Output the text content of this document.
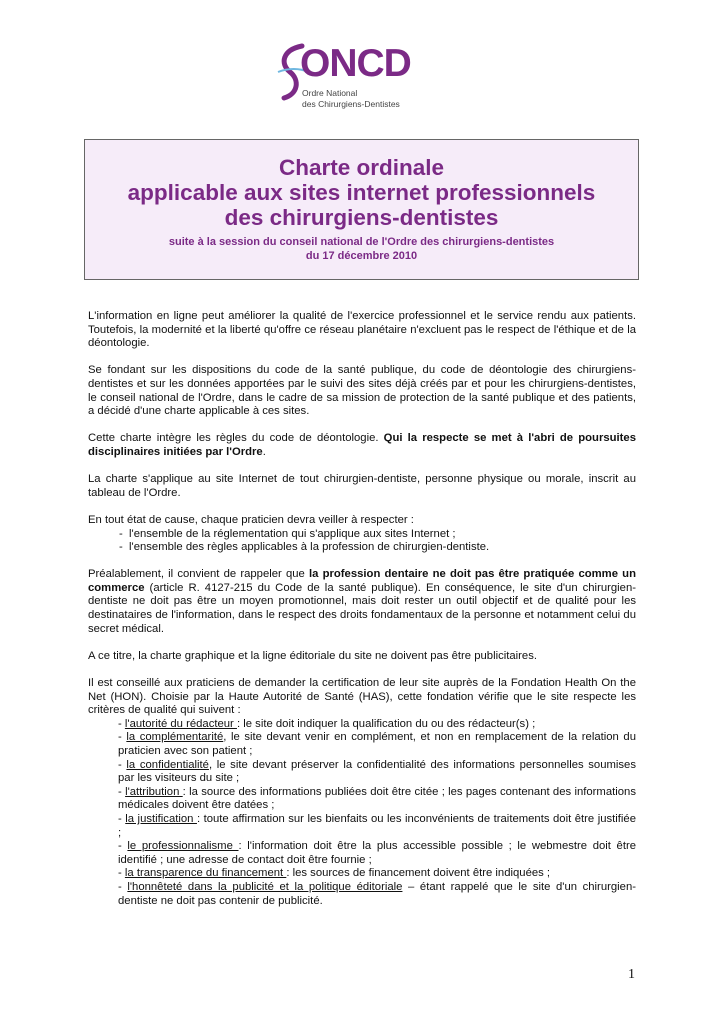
ONCD
Ordre National
des Chirurgiens-Dentistes
Charte ordinale
applicable aux sites internet professionnels
des chirurgiens-dentistes
suite à la session du conseil national de l'Ordre des chirurgiens-dentistes
du 17 décembre 2010

L'information en ligne peut améliorer la qualité de l'exercice professionnel et le service rendu aux patients. Toutefois, la modernité et la liberté qu'offre ce réseau planétaire n'excluent pas le respect de l'éthique et de la déontologie.

Se fondant sur les dispositions du code de la santé publique, du code de déontologie des chirurgiens-dentistes et sur les données apportées par le suivi des sites déjà créés par et pour les chirurgiens-dentistes, le conseil national de l'Ordre, dans le cadre de sa mission de protection de la santé publique et des patients, a décidé d'une charte applicable à ces sites.

Cette charte intègre les règles du code de déontologie. Qui la respecte se met à l'abri de poursuites disciplinaires initiées par l'Ordre.

La charte s'applique au site Internet de tout chirurgien-dentiste, personne physique ou morale, inscrit au tableau de l'Ordre.

En tout état de cause, chaque praticien devra veiller à respecter :

-  l'ensemble de la réglementation qui s'applique aux sites Internet ;
-  l'ensemble des règles applicables à la profession de chirurgien-dentiste.

Préalablement, il convient de rappeler que la profession dentaire ne doit pas être pratiquée comme un commerce (article R. 4127-215 du Code de la santé publique). En conséquence, le site d'un chirurgien-dentiste ne doit pas être un moyen promotionnel, mais doit rester un outil objectif et de qualité pour les destinataires de l'information, dans le respect des droits fondamentaux de la personne et notamment celui du secret médical.

A ce titre, la charte graphique et la ligne éditoriale du site ne doivent pas être publicitaires.

Il est conseillé aux praticiens de demander la certification de leur site auprès de la Fondation Health On the Net (HON). Choisie par la Haute Autorité de Santé (HAS), cette fondation vérifie que le site respecte les critères de qualité qui suivent :

- l'autorité du rédacteur : le site doit indiquer la qualification du ou des rédacteur(s) ;
- la complémentarité, le site devant venir en complément, et non en remplacement de la relation du praticien avec son patient ;
- la confidentialité, le site devant préserver la confidentialité des informations personnelles soumises par les visiteurs du site ;
- l'attribution : la source des informations publiées doit être citée ; les pages contenant des informations médicales doivent être datées ;
- la justification : toute affirmation sur les bienfaits ou les inconvénients de traitements doit être justifiée ;
- le professionnalisme : l'information doit être la plus accessible possible ; le webmestre doit être identifié ; une adresse de contact doit être fournie ;
- la transparence du financement : les sources de financement doivent être indiquées ;
- l'honnêteté dans la publicité et la politique éditoriale – étant rappelé que le site d'un chirurgien-dentiste ne doit pas contenir de publicité.
1
